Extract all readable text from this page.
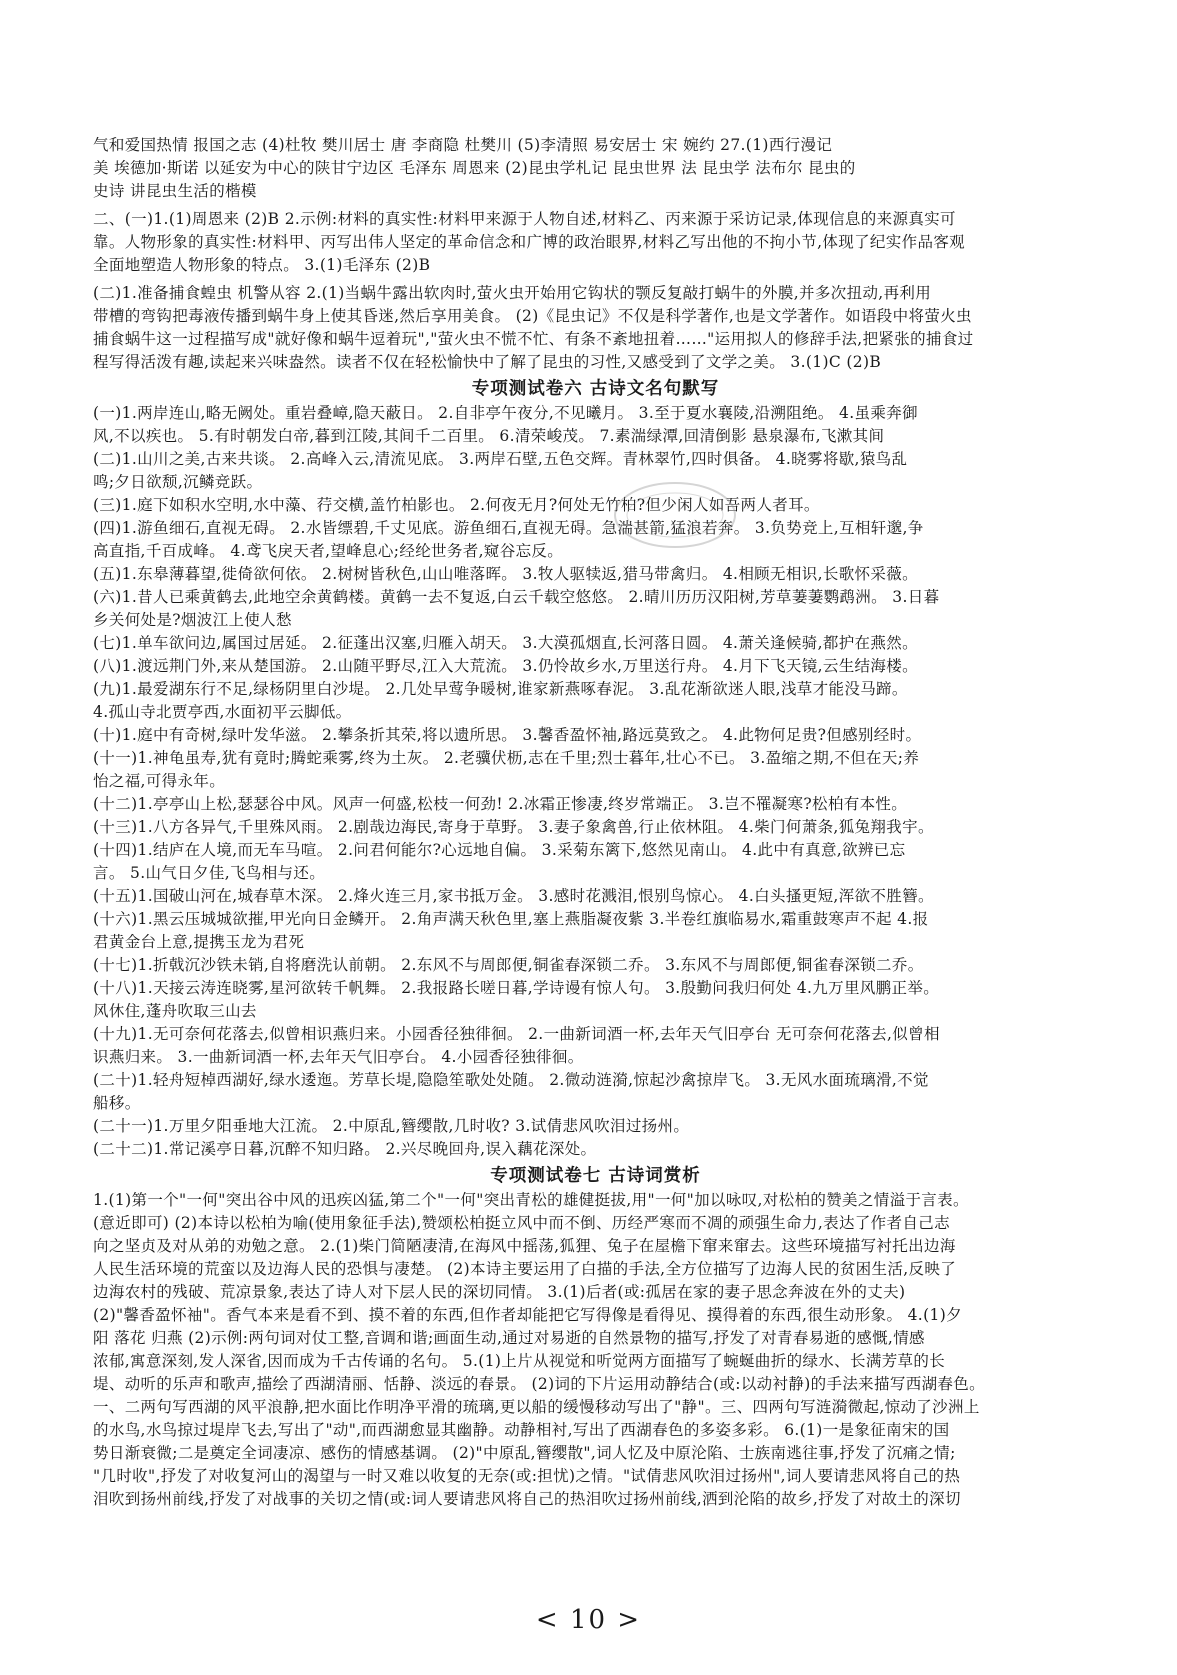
气和爱国热情 报国之志 (4)杜牧 樊川居士 唐 李商隐 杜樊川 (5)李清照 易安居士 宋 婉约 27.(1)西行漫记
美 埃德加·斯诺 以延安为中心的陕甘宁边区 毛泽东 周恩来 (2)昆虫学札记 昆虫世界 法 昆虫学 法布尔 昆虫的
史诗 讲昆虫生活的楷模
二、(一)1.(1)周恩来 (2)B 2.示例:材料的真实性:材料甲来源于人物自述,材料乙、丙来源于采访记录,体现信息的来源真实可
靠。人物形象的真实性:材料甲、丙写出伟人坚定的革命信念和广博的政治眼界,材料乙写出他的不拘小节,体现了纪实作品客观
全面地塑造人物形象的特点。 3.(1)毛泽东 (2)B
(二)1.准备捕食蝗虫 机警从容 2.(1)当蜗牛露出软肉时,萤火虫开始用它钩状的颚反复敲打蜗牛的外膜,并多次扭动,再利用
带槽的弯钩把毒液传播到蜗牛身上使其昏迷,然后享用美食。 (2)《昆虫记》不仅是科学著作,也是文学著作。如语段中将萤火虫
捕食蜗牛这一过程描写成"就好像和蜗牛逗着玩","萤火虫不慌不忙、有条不紊地扭着……"运用拟人的修辞手法,把紧张的捕食过
程写得活泼有趣,读起来兴味盎然。读者不仅在轻松愉快中了解了昆虫的习性,又感受到了文学之美。 3.(1)C (2)B
专项测试卷六 古诗文名句默写
(一)1.两岸连山,略无阙处。重岩叠嶂,隐天蔽日。 2.自非亭午夜分,不见曦月。 3.至于夏水襄陵,沿溯阻绝。 4.虽乘奔御
风,不以疾也。 5.有时朝发白帝,暮到江陵,其间千二百里。 6.清荣峻茂。 7.素湍绿潭,回清倒影 悬泉瀑布,飞漱其间
(二)1.山川之美,古来共谈。 2.高峰入云,清流见底。 3.两岸石壁,五色交辉。青林翠竹,四时俱备。 4.晓雾将歇,猿鸟乱
鸣;夕日欲颓,沉鳞竞跃。
(三)1.庭下如积水空明,水中藻、荇交横,盖竹柏影也。 2.何夜无月?何处无竹柏?但少闲人如吾两人者耳。
(四)1.游鱼细石,直视无碍。 2.水皆缥碧,千丈见底。游鱼细石,直视无碍。急湍甚箭,猛浪若奔。 3.负势竞上,互相轩邈,争
高直指,千百成峰。 4.鸢飞戾天者,望峰息心;经纶世务者,窥谷忘反。
(五)1.东皋薄暮望,徙倚欲何依。 2.树树皆秋色,山山唯落晖。 3.牧人驱犊返,猎马带禽归。 4.相顾无相识,长歌怀采薇。
(六)1.昔人已乘黄鹤去,此地空余黄鹤楼。黄鹤一去不复返,白云千载空悠悠。 2.晴川历历汉阳树,芳草萋萋鹦鹉洲。 3.日暮
乡关何处是?烟波江上使人愁
(七)1.单车欲问边,属国过居延。 2.征蓬出汉塞,归雁入胡天。 3.大漠孤烟直,长河落日圆。 4.萧关逢候骑,都护在燕然。
(八)1.渡远荆门外,来从楚国游。 2.山随平野尽,江入大荒流。 3.仍怜故乡水,万里送行舟。 4.月下飞天镜,云生结海楼。
(九)1.最爱湖东行不足,绿杨阴里白沙堤。 2.几处早莺争暖树,谁家新燕啄春泥。 3.乱花渐欲迷人眼,浅草才能没马蹄。
4.孤山寺北贾亭西,水面初平云脚低。
(十)1.庭中有奇树,绿叶发华滋。 2.攀条折其荣,将以遗所思。 3.馨香盈怀袖,路远莫致之。 4.此物何足贵?但感别经时。
(十一)1.神龟虽寿,犹有竟时;腾蛇乘雾,终为土灰。 2.老骥伏枥,志在千里;烈士暮年,壮心不已。 3.盈缩之期,不但在天;养
怡之福,可得永年。
(十二)1.亭亭山上松,瑟瑟谷中风。风声一何盛,松枝一何劲! 2.冰霜正惨凄,终岁常端正。 3.岂不罹凝寒?松柏有本性。
(十三)1.八方各异气,千里殊风雨。 2.剧哉边海民,寄身于草野。 3.妻子象禽兽,行止依林阻。 4.柴门何萧条,狐兔翔我宇。
(十四)1.结庐在人境,而无车马喧。 2.问君何能尔?心远地自偏。 3.采菊东篱下,悠然见南山。 4.此中有真意,欲辨已忘
言。 5.山气日夕佳,飞鸟相与还。
(十五)1.国破山河在,城春草木深。 2.烽火连三月,家书抵万金。 3.感时花溅泪,恨别鸟惊心。 4.白头搔更短,浑欲不胜簪。
(十六)1.黑云压城城欲摧,甲光向日金鳞开。 2.角声满天秋色里,塞上燕脂凝夜紫 3.半卷红旗临易水,霜重鼓寒声不起 4.报
君黄金台上意,提携玉龙为君死
(十七)1.折戟沉沙铁未销,自将磨洗认前朝。 2.东风不与周郎便,铜雀春深锁二乔。 3.东风不与周郎便,铜雀春深锁二乔。
(十八)1.天接云涛连晓雾,星河欲转千帆舞。 2.我报路长嗟日暮,学诗谩有惊人句。 3.殷勤问我归何处 4.九万里风鹏正举。
风休住,蓬舟吹取三山去
(十九)1.无可奈何花落去,似曾相识燕归来。小园香径独徘徊。 2.一曲新词酒一杯,去年天气旧亭台 无可奈何花落去,似曾相
识燕归来。 3.一曲新词酒一杯,去年天气旧亭台。 4.小园香径独徘徊。
(二十)1.轻舟短棹西湖好,绿水逶迤。芳草长堤,隐隐笙歌处处随。 2.微动涟漪,惊起沙禽掠岸飞。 3.无风水面琉璃滑,不觉
船移。
(二十一)1.万里夕阳垂地大江流。 2.中原乱,簪缨散,几时收? 3.试倩悲风吹泪过扬州。
(二十二)1.常记溪亭日暮,沉醉不知归路。 2.兴尽晚回舟,误入藕花深处。
专项测试卷七 古诗词赏析
1.(1)第一个"一何"突出谷中风的迅疾凶猛,第二个"一何"突出青松的雄健挺拔,用"一何"加以咏叹,对松柏的赞美之情溢于言表。
(意近即可) (2)本诗以松柏为喻(使用象征手法),赞颂松柏挺立风中而不倒、历经严寒而不凋的顽强生命力,表达了作者自己志
向之坚贞及对从弟的劝勉之意。 2.(1)柴门简陋凄清,在海风中摇荡,狐狸、兔子在屋檐下窜来窜去。这些环境描写衬托出边海
人民生活环境的荒蛮以及边海人民的恐惧与凄楚。 (2)本诗主要运用了白描的手法,全方位描写了边海人民的贫困生活,反映了
边海农村的残破、荒凉景象,表达了诗人对下层人民的深切同情。 3.(1)后者(或:孤居在家的妻子思念奔波在外的丈夫)
(2)"馨香盈怀袖"。香气本来是看不到、摸不着的东西,但作者却能把它写得像是看得见、摸得着的东西,很生动形象。 4.(1)夕
阳 落花 归燕 (2)示例:两句词对仗工整,音调和谐;画面生动,通过对易逝的自然景物的描写,抒发了对青春易逝的感慨,情感
浓郁,寓意深刻,发人深省,因而成为千古传诵的名句。 5.(1)上片从视觉和听觉两方面描写了蜿蜒曲折的绿水、长满芳草的长
堤、动听的乐声和歌声,描绘了西湖清丽、恬静、淡远的春景。 (2)词的下片运用动静结合(或:以动衬静)的手法来描写西湖春色。
一、二两句写西湖的风平浪静,把水面比作明净平滑的琉璃,更以船的缓慢移动写出了"静"。三、四两句写涟漪微起,惊动了沙洲上
的水鸟,水鸟掠过堤岸飞去,写出了"动",而西湖愈显其幽静。动静相衬,写出了西湖春色的多姿多彩。 6.(1)一是象征南宋的国
势日渐衰微;二是奠定全词凄凉、感伤的情感基调。 (2)"中原乱,簪缨散",词人忆及中原沦陷、士族南逃往事,抒发了沉痛之情;
"几时收",抒发了对收复河山的渴望与一时又难以收复的无奈(或:担忧)之情。"试倩悲风吹泪过扬州",词人要请悲风将自己的热
泪吹到扬州前线,抒发了对战事的关切之情(或:词人要请悲风将自己的热泪吹过扬州前线,洒到沦陷的故乡,抒发了对故土的深切
< 10 >
